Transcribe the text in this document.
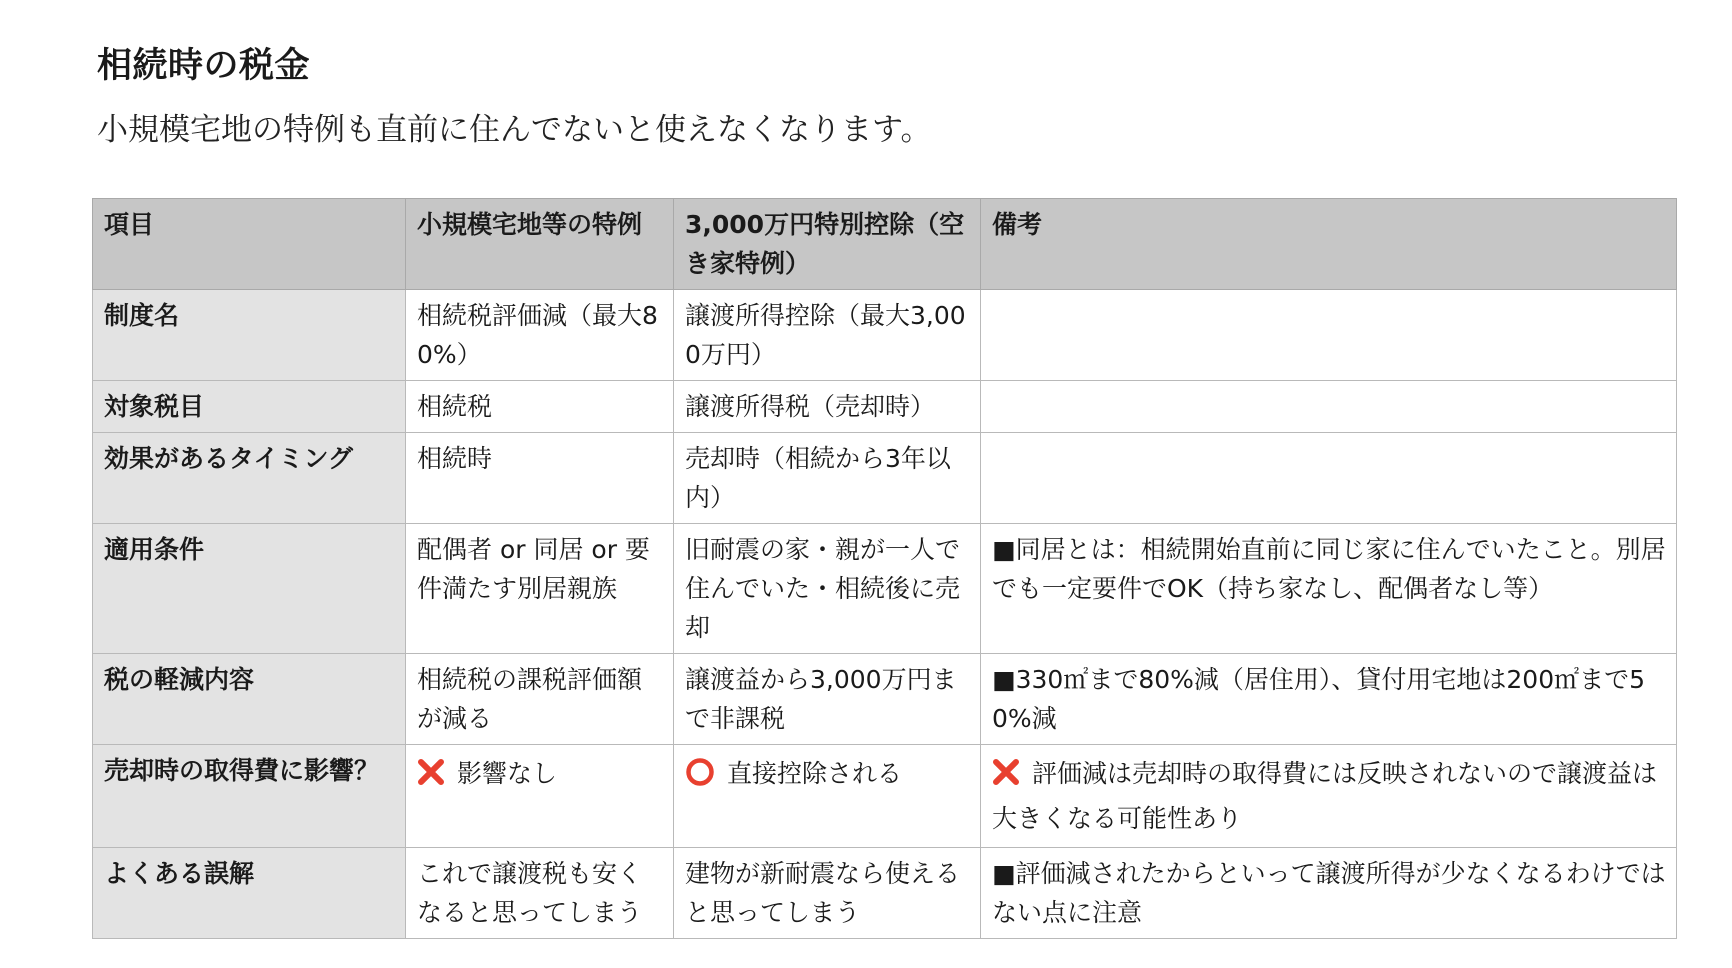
相続時の税金

小規模宅地の特例も直前に住んでないと使えなくなります。

項目	小規模宅地等の特例	3,000万円特別控除（空き家特例）	備考
制度名	相続税評価減（最大80%）	譲渡所得控除（最大3,000万円）	
対象税目	相続税	譲渡所得税（売却時）	
効果があるタイミング	相続時	売却時（相続から3年以内）	
適用条件	配偶者 or 同居 or 要件満たす別居親族	旧耐震の家・親が一人で住んでいた・相続後に売却	■同居とは：相続開始直前に同じ家に住んでいたこと。別居でも一定要件でOK（持ち家なし、配偶者なし等）
税の軽減内容	相続税の課税評価額が減る	譲渡益から3,000万円まで非課税	■330㎡まで80%減（居住用）、貸付用宅地は200㎡まで50%減
売却時の取得費に影響？	影響なし	直接控除される	評価減は売却時の取得費には反映されないので譲渡益は大きくなる可能性あり
よくある誤解	これで譲渡税も安くなると思ってしまう	建物が新耐震なら使えると思ってしまう	■評価減されたからといって譲渡所得が少なくなるわけではない点に注意
